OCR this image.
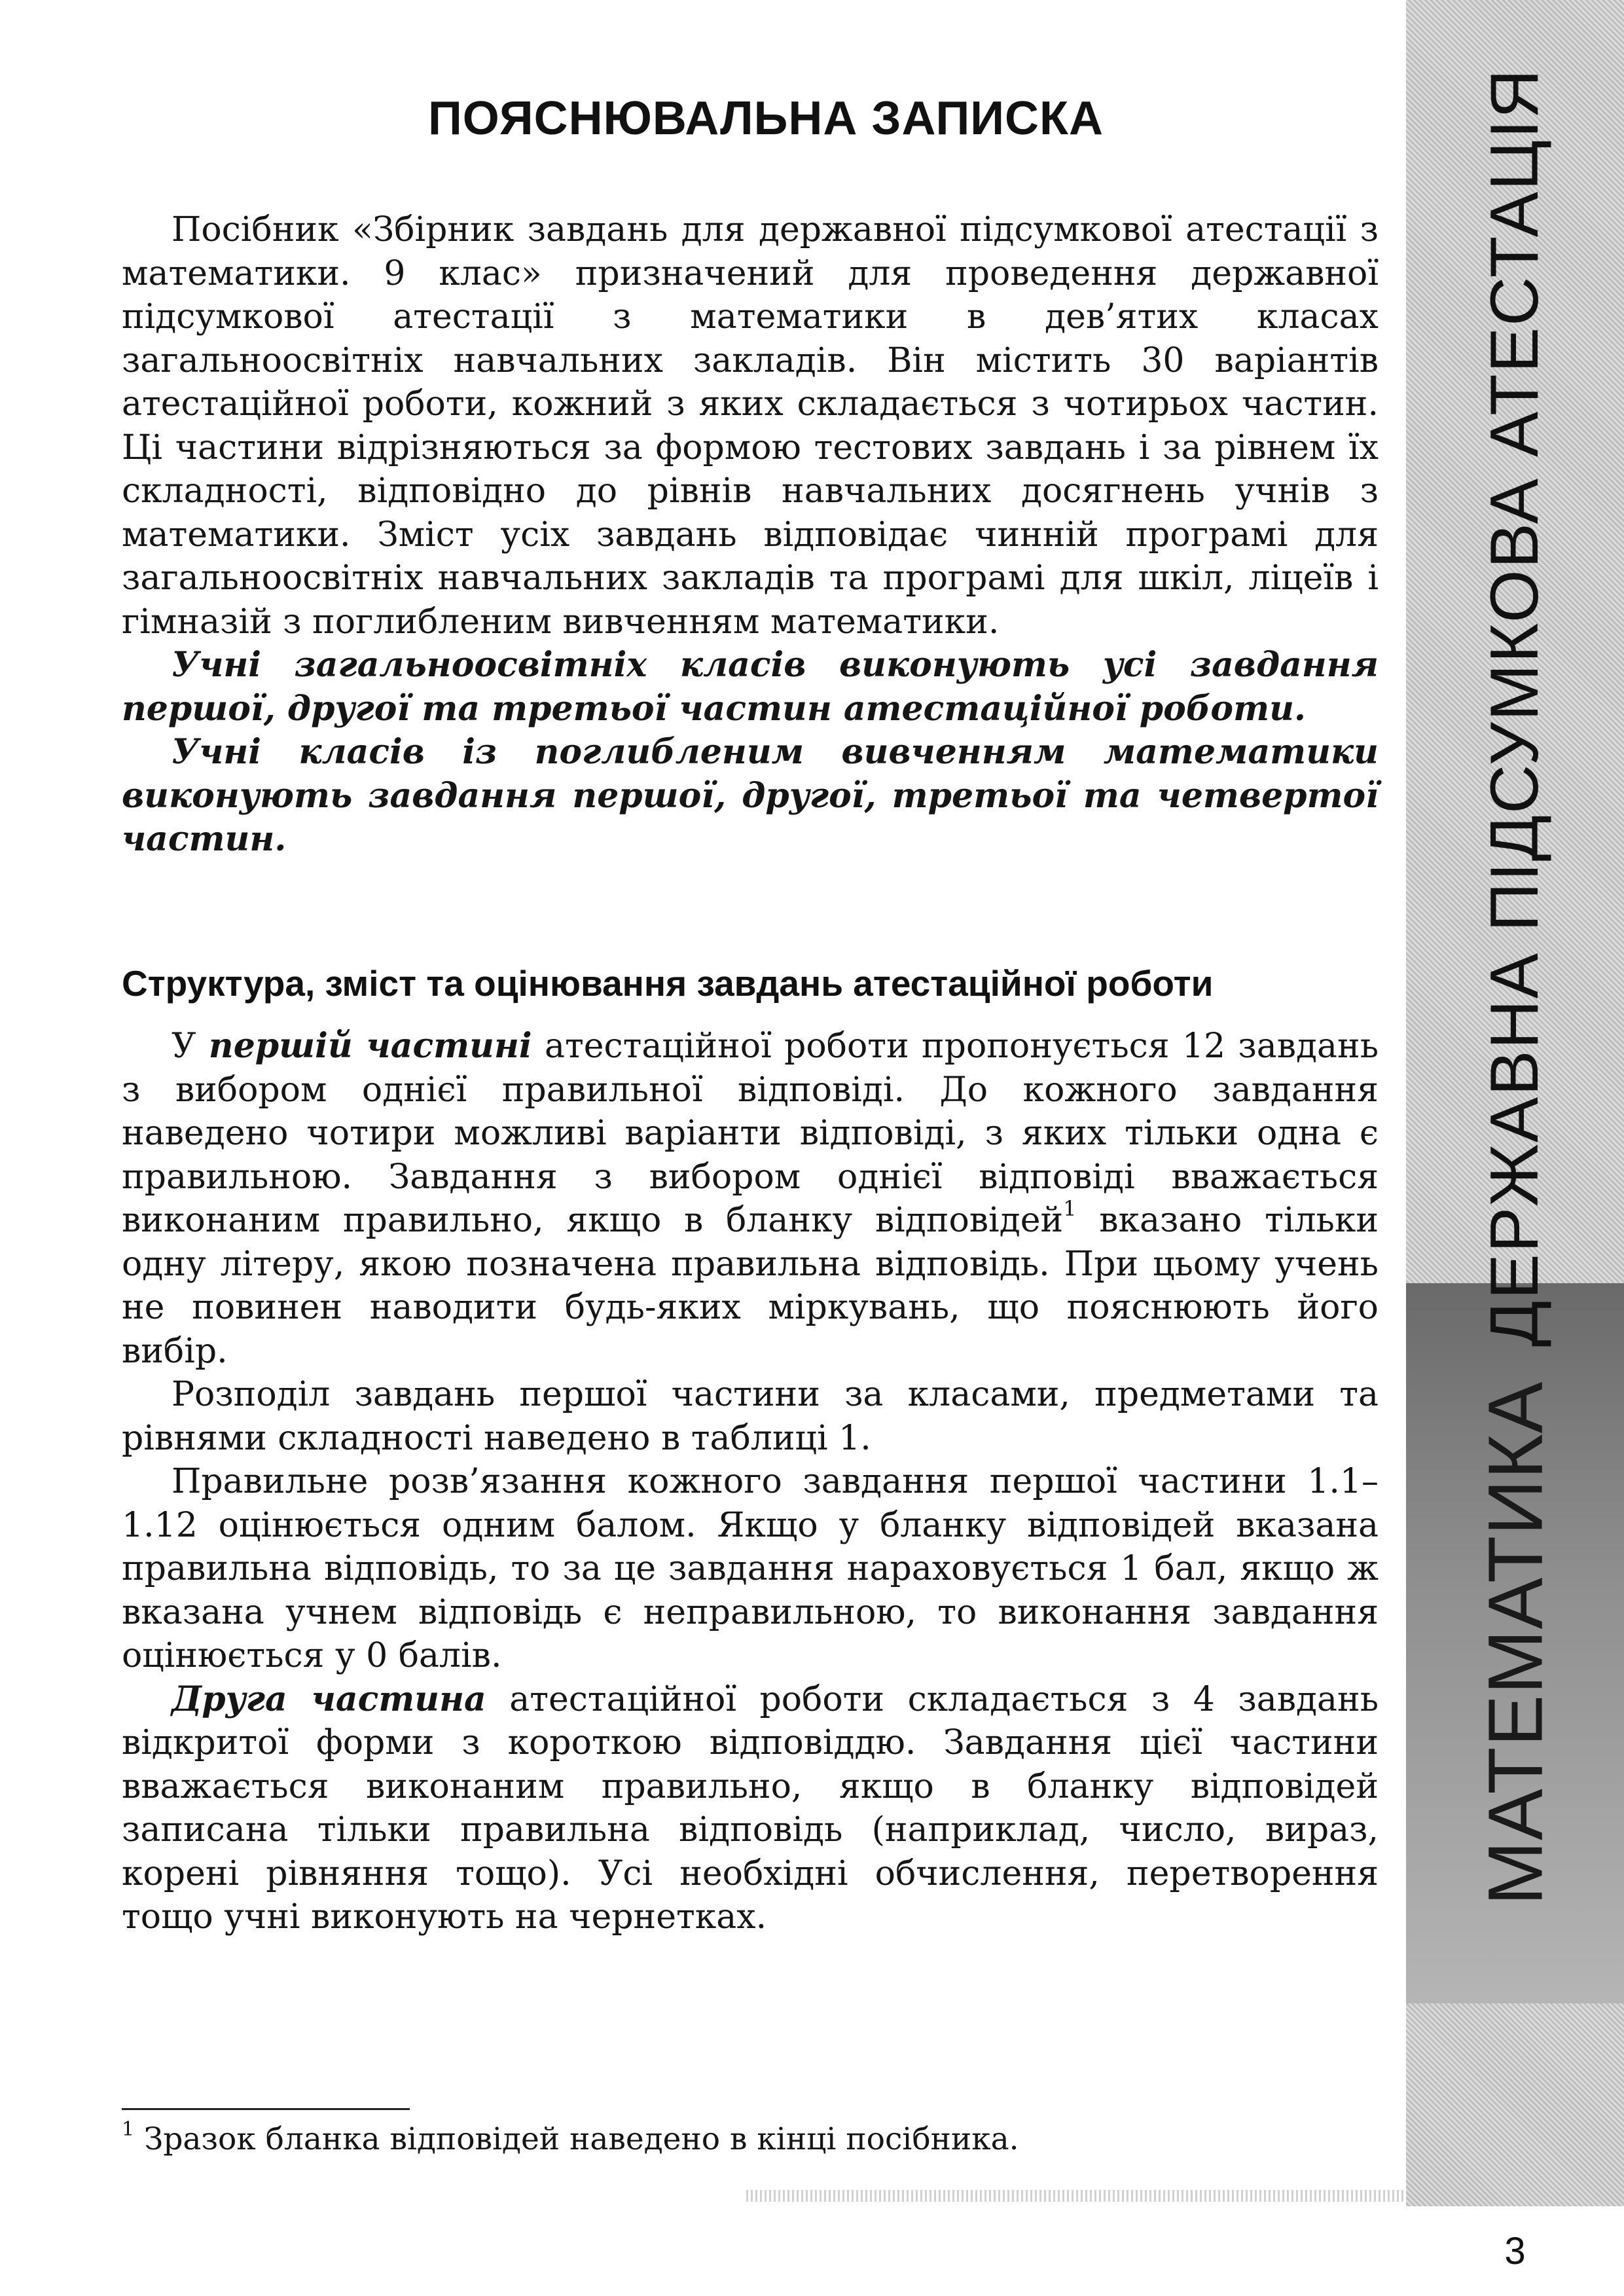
ДЕРЖАВНА ПІДСУМКОВА АТЕСТАЦІЯ
МАТЕМАТИКА
3
ПОЯСНЮВАЛЬНА ЗАПИСКА

Посібник «Збірник завдань для державної підсумкової атестації з математики. 9 клас» призначений для проведення державної підсумкової атестації з математики в дев’ятих класах загальноосвітніх навчальних закладів. Він містить 30 варіантів атестаційної роботи, кожний з яких складається з чотирьох частин. Ці частини відрізняються за формою тестових завдань і за рівнем їх складності, відповідно до рівнів навчальних досягнень учнів з математики. Зміст усіх завдань відповідає чинній програмі для загальноосвітніх навчальних закладів та програмі для шкіл, ліцеїв і гімназій з поглибленим вивченням математики.

Учні загальноосвітніх класів виконують усі завдання першої, другої та третьої частин атестаційної роботи.

Учні класів із поглибленим вивченням математики виконують завдання першої, другої, третьої та четвертої частин.

Структура, зміст та оцінювання завдань атестаційної роботи

У першій частині атестаційної роботи пропонується 12 завдань з вибором однієї правильної відповіді. До кожного завдання наведено чотири можливі варіанти відповіді, з яких тільки одна є правильною. Завдання з вибором однієї відповіді вважається виконаним правильно, якщо в бланку відповідей$^1$ вказано тільки одну літеру, якою позначена правильна відповідь. При цьому учень не повинен наводити будь-яких міркувань, що пояснюють його вибір.

Розподіл завдань першої частини за класами, предметами та рівнями складності наведено в таблиці 1.

Правильне розв’язання кожного завдання першої частини 1.1–1.12 оцінюється одним балом. Якщо у бланку відповідей вказана правильна відповідь, то за це завдання нараховується 1 бал, якщо ж вказана учнем відповідь є неправильною, то виконання завдання оцінюється у 0 балів.

Друга частина атестаційної роботи складається з 4 завдань відкритої форми з короткою відповіддю. Завдання цієї частини вважається виконаним правильно, якщо в бланку відповідей записана тільки правильна відповідь (наприклад, число, вираз, корені рівняння тощо). Усі необхідні обчислення, перетворення тощо учні виконують на чернетках.

$^1$ Зразок бланка відповідей наведено в кінці посібника.
